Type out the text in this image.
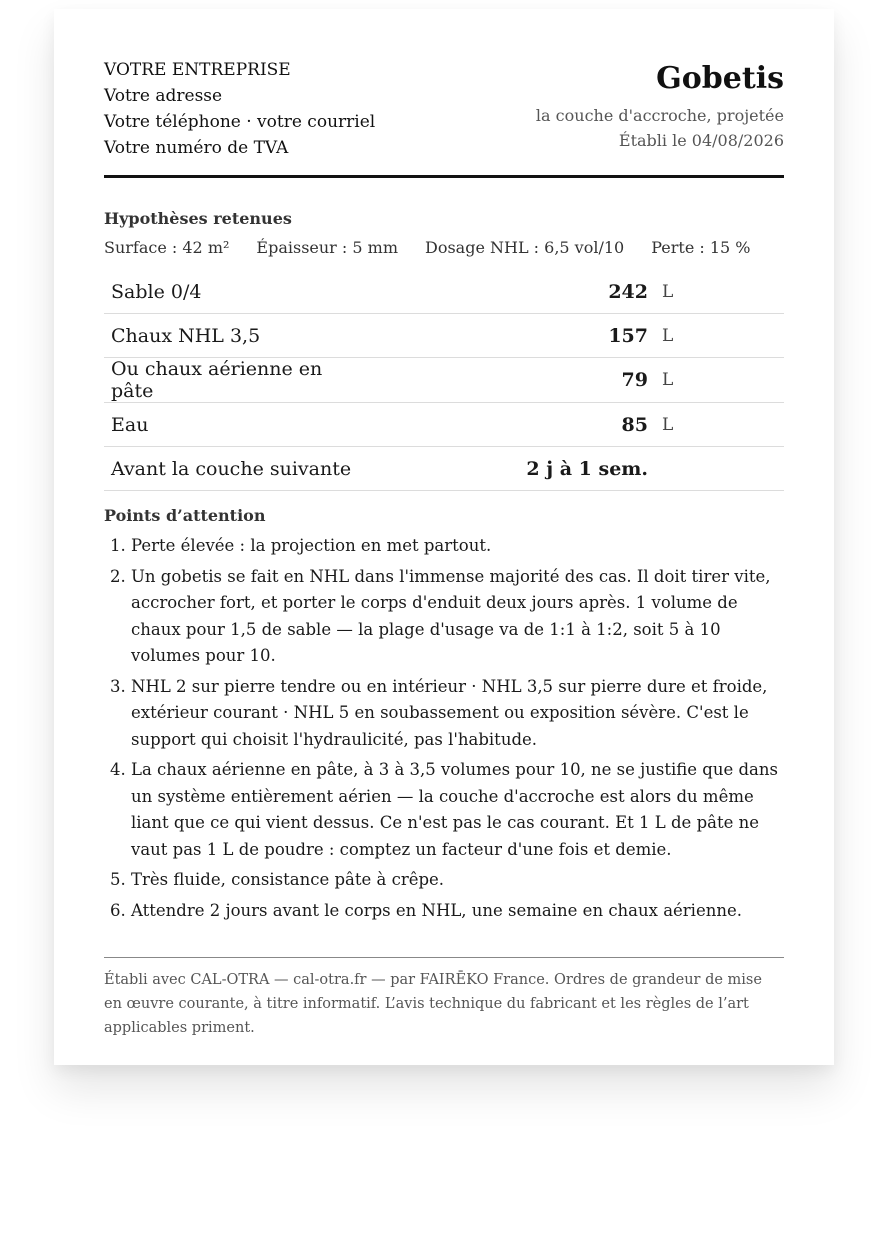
VOTRE ENTREPRISE
Votre adresse
Votre téléphone · votre courriel
Votre numéro de TVA
Gobetis
la couche d'accroche, projetée
Établi le 04/08/2026
Hypothèses retenues
Surface : 42 m² Épaisseur : 5 mm Dosage NHL : 6,5 vol/10 Perte : 15 %
Sable 0/4	242	L
Chaux NHL 3,5	157	L
Ou chaux aérienne en pâte	79	L
Eau	85	L
Avant la couche suivante	2 j à 1 sem.	
Points d’attention
1. Perte élevée : la projection en met partout.
2. Un gobetis se fait en NHL dans l'immense majorité des cas. Il doit tirer vite, accrocher fort, et porter le corps d'enduit deux jours après. 1 volume de chaux pour 1,5 de sable — la plage d'usage va de 1:1 à 1:2, soit 5 à 10 volumes pour 10.
3. NHL 2 sur pierre tendre ou en intérieur · NHL 3,5 sur pierre dure et froide, extérieur courant · NHL 5 en soubassement ou exposition sévère. C'est le support qui choisit l'hydraulicité, pas l'habitude.
4. La chaux aérienne en pâte, à 3 à 3,5 volumes pour 10, ne se justifie que dans un système entièrement aérien — la couche d'accroche est alors du même liant que ce qui vient dessus. Ce n'est pas le cas courant. Et 1 L de pâte ne vaut pas 1 L de poudre : comptez un facteur d'une fois et demie.
5. Très fluide, consistance pâte à crêpe.
6. Attendre 2 jours avant le corps en NHL, une semaine en chaux aérienne.
Établi avec CAL-OTRA — cal-otra.fr — par FAIRĒKO France. Ordres de grandeur de mise en œuvre courante, à titre informatif. L’avis technique du fabricant et les règles de l’art applicables priment.
